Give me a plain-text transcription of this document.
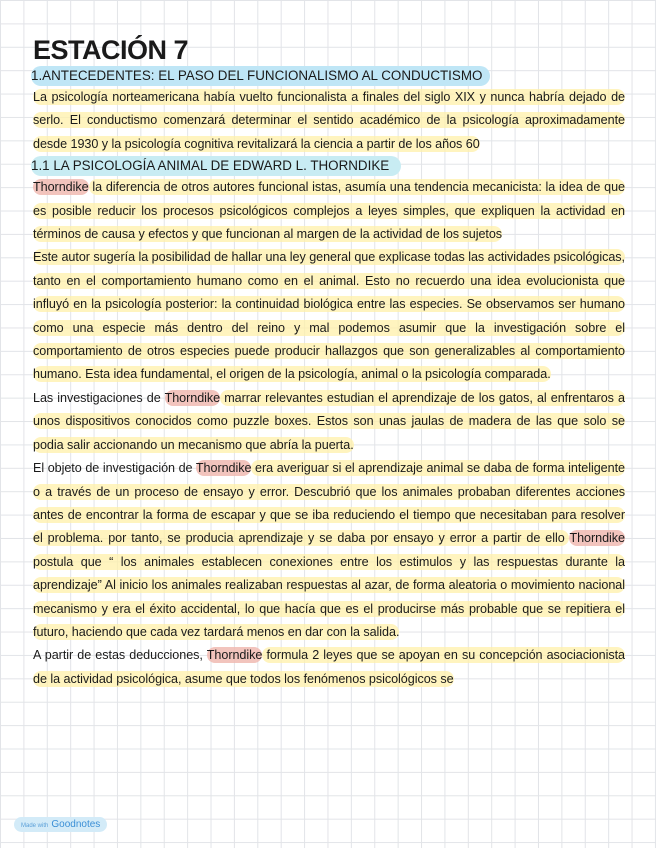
ESTACIÓN 7
1.ANTECEDENTES: EL PASO DEL FUNCIONALISMO AL CONDUCTISMO

La psicología norteamericana había vuelto funcionalista a finales del siglo XIX y nunca habría dejado de serlo. El conductismo comenzará determinar el sentido académico de la psicología aproximadamente desde 1930 y la psicología cognitiva revitalizará la ciencia a partir de los años 60

1.1 LA PSICOLOGÍA ANIMAL DE EDWARD L. THORNDIKE

Thorndike la diferencia de otros autores funcional istas, asumía una tendencia mecanicista: la idea de que es posible reducir los procesos psicológicos complejos a leyes simples, que expliquen la actividad en términos de causa y efectos y que funcionan al margen de la actividad de los sujetos

Este autor sugería la posibilidad de hallar una ley general que explicase todas las actividades psicológicas, tanto en el comportamiento humano como en el animal. Esto no recuerdo una idea evolucionista que influyó en la psicología posterior: la continuidad biológica entre las especies. Se observamos ser humano como una especie más dentro del reino y mal podemos asumir que la investigación sobre el comportamiento de otros especies puede producir hallazgos que son generalizables al comportamiento humano. Esta idea fundamental, el origen de la psicología, animal o la psicología comparada.

Las investigaciones de Thorndike marrar relevantes estudian el aprendizaje de los gatos, al enfrentaros a unos dispositivos conocidos como puzzle boxes. Estos son unas jaulas de madera de las que solo se podia salir accionando un mecanismo que abría la puerta.

El objeto de investigación de Thorndike era averiguar si el aprendizaje animal se daba de forma inteligente o a través de un proceso de ensayo y error. Descubrió que los animales probaban diferentes acciones antes de encontrar la forma de escapar y que se iba reduciendo el tiempo que necesitaban para resolver el problema. por tanto, se producia aprendizaje y se daba por ensayo y error a partir de ello Thorndike postula que “ los animales establecen conexiones entre los estimulos y las respuestas durante la aprendizaje” Al inicio los animales realizaban respuestas al azar, de forma aleatoria o movimiento nacional mecanismo y era el éxito accidental, lo que hacía que es el producirse más probable que se repitiera el futuro, haciendo que cada vez tardará menos en dar con la salida.

A partir de estas deducciones, Thorndike formula 2 leyes que se apoyan en su concepción asociacionista de la actividad psicológica, asume que todos los fenómenos psicológicos se

Made with Goodnotes
